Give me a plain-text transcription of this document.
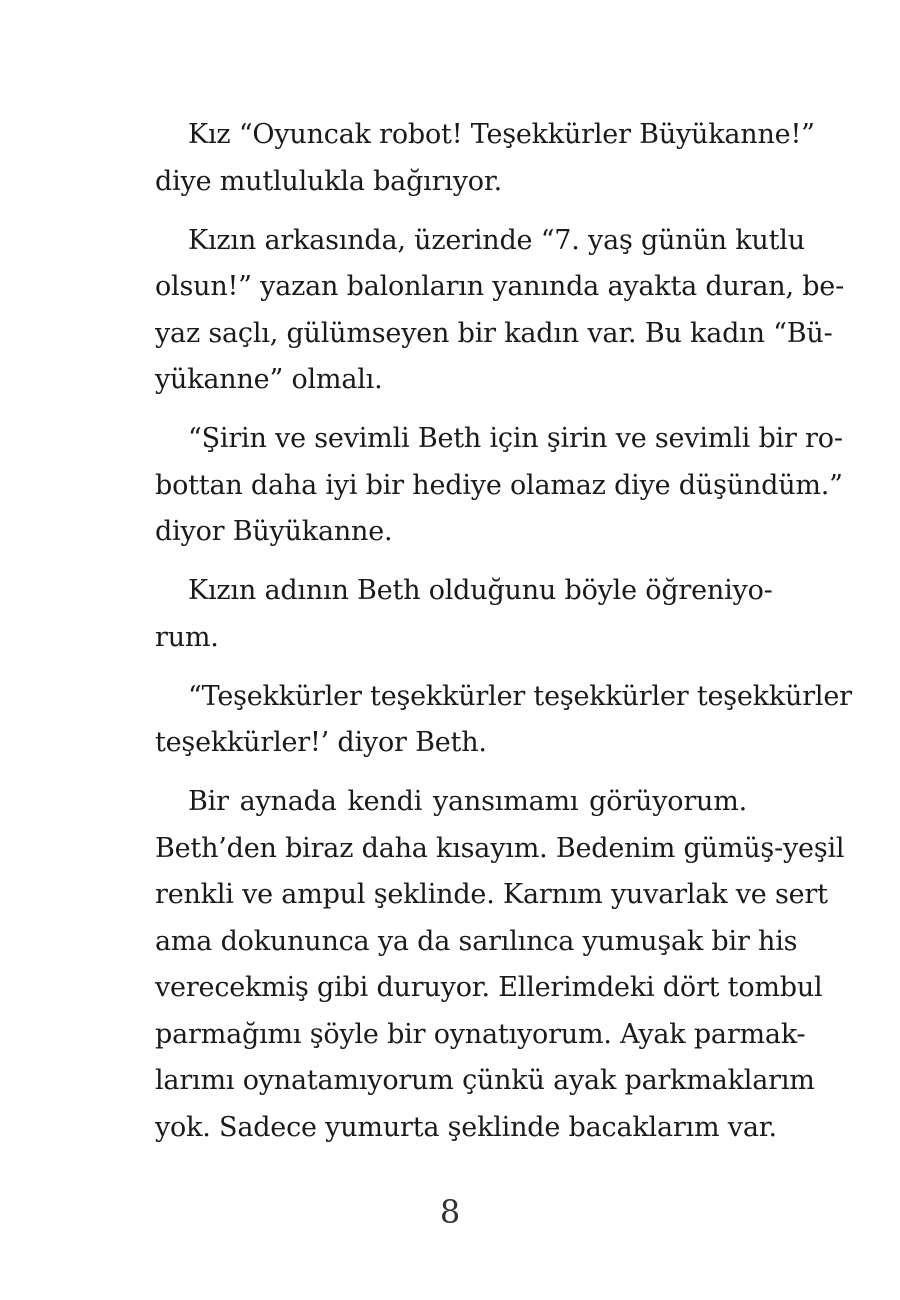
Kız “Oyuncak robot! Teşekkürler Büyükanne!”
diye mutlulukla bağırıyor.

Kızın arkasında, üzerinde “7. yaş günün kutlu
olsun!” yazan balonların yanında ayakta duran, be-
yaz saçlı, gülümseyen bir kadın var. Bu kadın “Bü-
yükanne” olmalı.

“Şirin ve sevimli Beth için şirin ve sevimli bir ro-
bottan daha iyi bir hediye olamaz diye düşündüm.”
diyor Büyükanne.

Kızın adının Beth olduğunu böyle öğreniyo-
rum.

“Teşekkürler teşekkürler teşekkürler teşekkürler
teşekkürler!’ diyor Beth.

Bir aynada kendi yansımamı görüyorum.
Beth’den biraz daha kısayım. Bedenim gümüş-yeşil
renkli ve ampul şeklinde. Karnım yuvarlak ve sert
ama dokununca ya da sarılınca yumuşak bir his
verecekmiş gibi duruyor. Ellerimdeki dört tombul
parmağımı şöyle bir oynatıyorum. Ayak parmak-
larımı oynatamıyorum çünkü ayak parkmaklarım
yok. Sadece yumurta şeklinde bacaklarım var.

8
